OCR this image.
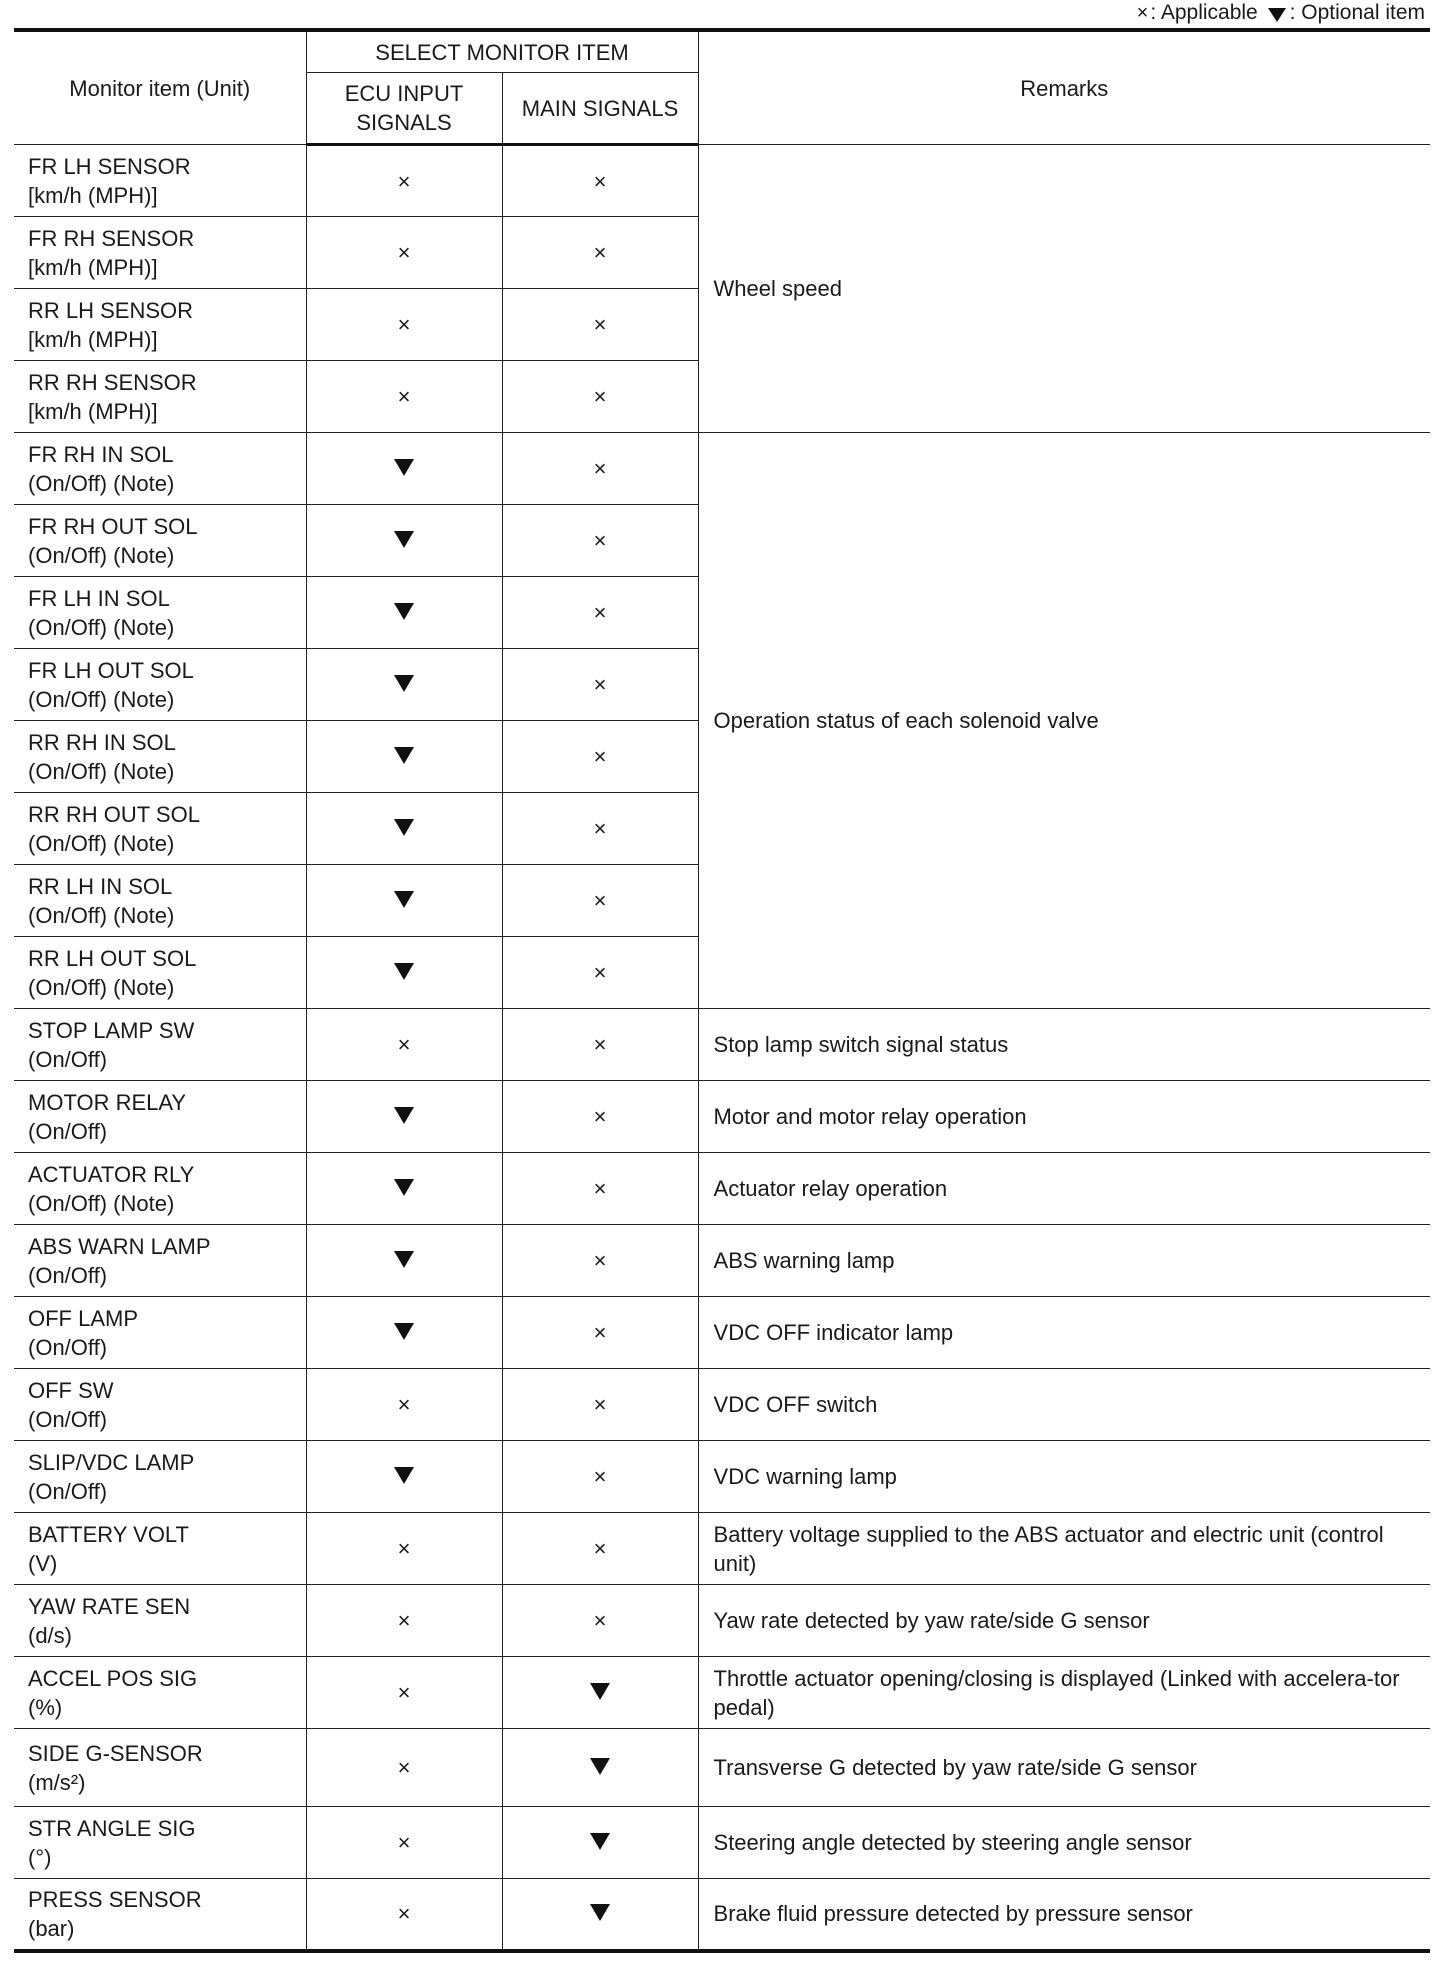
×: Applicable : Optional item
Monitor item (Unit)	SELECT MONITOR ITEM		Remarks
	ECU INPUT
SIGNALS	MAIN SIGNALS	

FR LH SENSOR
[km/h (MPH)]	×	×	Wheel speed

FR RH SENSOR
[km/h (MPH)]	×	×	

RR LH SENSOR
[km/h (MPH)]	×	×	

RR RH SENSOR
[km/h (MPH)]	×	×	

FR RH IN SOL
(On/Off) (Note)		×	Operation status of each solenoid valve

FR RH OUT SOL
(On/Off) (Note)		×	

FR LH IN SOL
(On/Off) (Note)		×	

FR LH OUT SOL
(On/Off) (Note)		×	

RR RH IN SOL
(On/Off) (Note)		×	

RR RH OUT SOL
(On/Off) (Note)		×	

RR LH IN SOL
(On/Off) (Note)		×	

RR LH OUT SOL
(On/Off) (Note)		×	

STOP LAMP SW
(On/Off)	×	×	Stop lamp switch signal status

MOTOR RELAY
(On/Off)		×	Motor and motor relay operation

ACTUATOR RLY
(On/Off) (Note)		×	Actuator relay operation

ABS WARN LAMP
(On/Off)		×	ABS warning lamp

OFF LAMP
(On/Off)		×	VDC OFF indicator lamp

OFF SW
(On/Off)	×	×	VDC OFF switch

SLIP/VDC LAMP
(On/Off)		×	VDC warning lamp

BATTERY VOLT
(V)	×	×	Battery voltage supplied to the ABS actuator and electric unit (control unit)

YAW RATE SEN
(d/s)	×	×	Yaw rate detected by yaw rate/side G sensor

ACCEL POS SIG
(%)	×		Throttle actuator opening/closing is displayed (Linked with accelera-tor pedal)

SIDE G-SENSOR
(m/s²)	×		Transverse G detected by yaw rate/side G sensor

STR ANGLE SIG
(°)	×		Steering angle detected by steering angle sensor

PRESS SENSOR
(bar)	×		Brake fluid pressure detected by pressure sensor
